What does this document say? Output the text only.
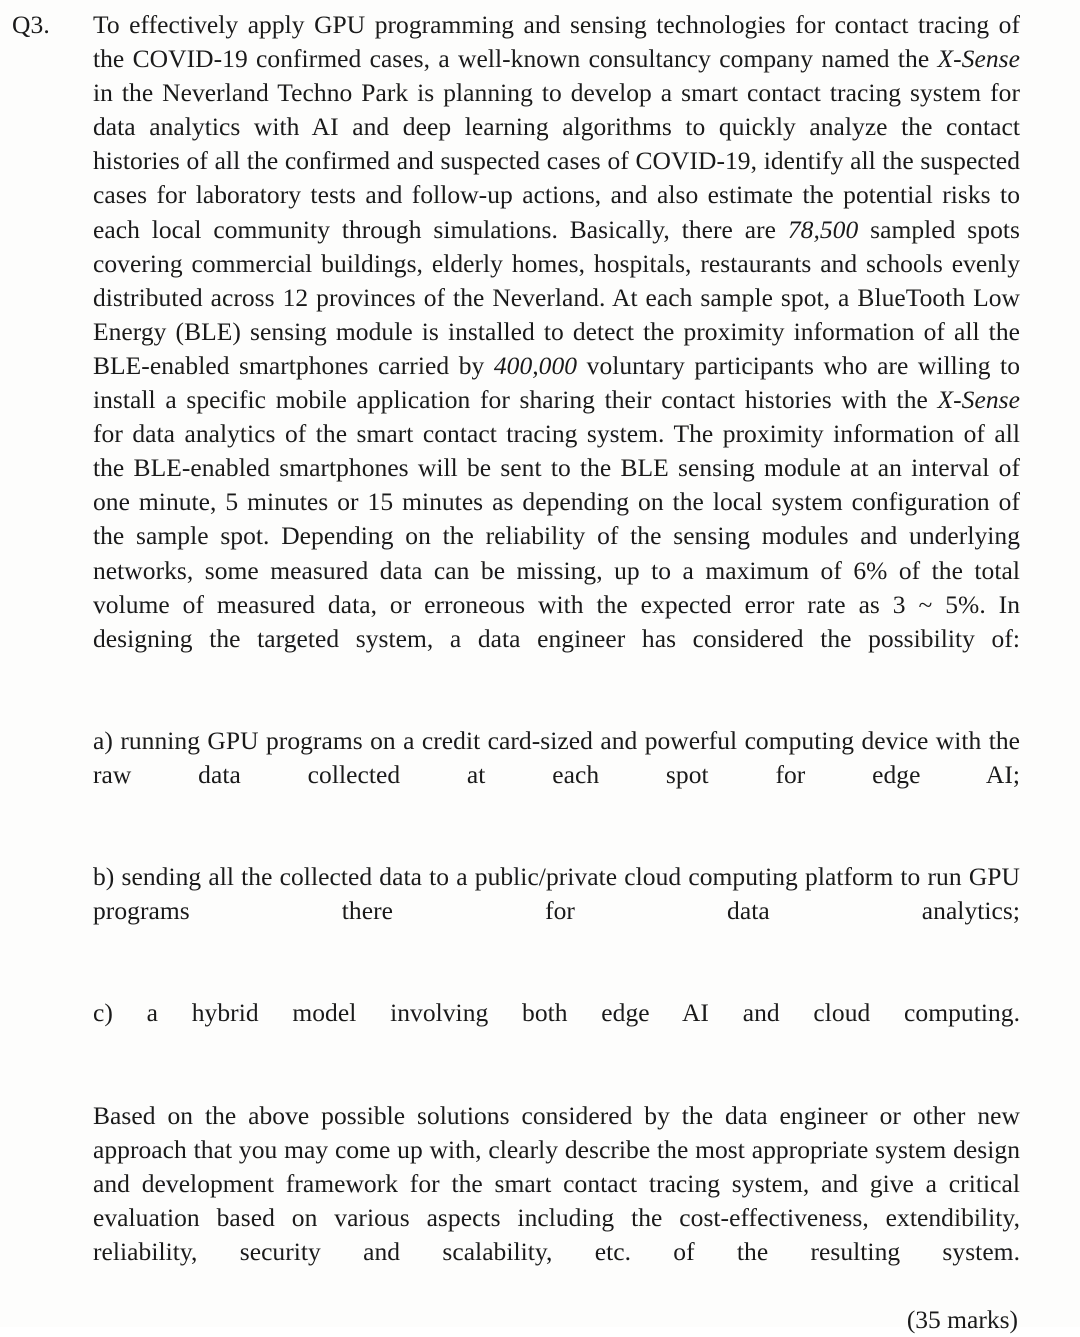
Q3.	To effectively apply GPU programming and sensing technologies for contact tracing of the COVID-19 confirmed cases, a well-known consultancy company named the X-Sense in the Neverland Techno Park is planning to develop a smart contact tracing system for data analytics with AI and deep learning algorithms to quickly analyze the contact histories of all the confirmed and suspected cases of COVID-19, identify all the suspected cases for laboratory tests and follow-up actions, and also estimate the potential risks to each local community through simulations. Basically, there are 78,500 sampled spots covering commercial buildings, elderly homes, hospitals, restaurants and schools evenly distributed across 12 provinces of the Neverland. At each sample spot, a BlueTooth Low Energy (BLE) sensing module is installed to detect the proximity information of all the BLE-enabled smartphones carried by 400,000 voluntary participants who are willing to install a specific mobile application for sharing their contact histories with the X-Sense for data analytics of the smart contact tracing system. The proximity information of all the BLE-enabled smartphones will be sent to the BLE sensing module at an interval of one minute, 5 minutes or 15 minutes as depending on the local system configuration of the sample spot. Depending on the reliability of the sensing modules and underlying networks, some measured data can be missing, up to a maximum of 6% of the total volume of measured data, or erroneous with the expected error rate as 3 ~ 5%. In designing the targeted system, a data engineer has considered the possibility of:

a) running GPU programs on a credit card-sized and powerful computing device with the raw data collected at each spot for edge AI;

b) sending all the collected data to a public/private cloud computing platform to run GPU programs there for data analytics;

c) a hybrid model involving both edge AI and cloud computing.

Based on the above possible solutions considered by the data engineer or other new approach that you may come up with, clearly describe the most appropriate system design and development framework for the smart contact tracing system, and give a critical evaluation based on various aspects including the cost-effectiveness, extendibility, reliability, security and scalability, etc. of the resulting system.

(35 marks)
